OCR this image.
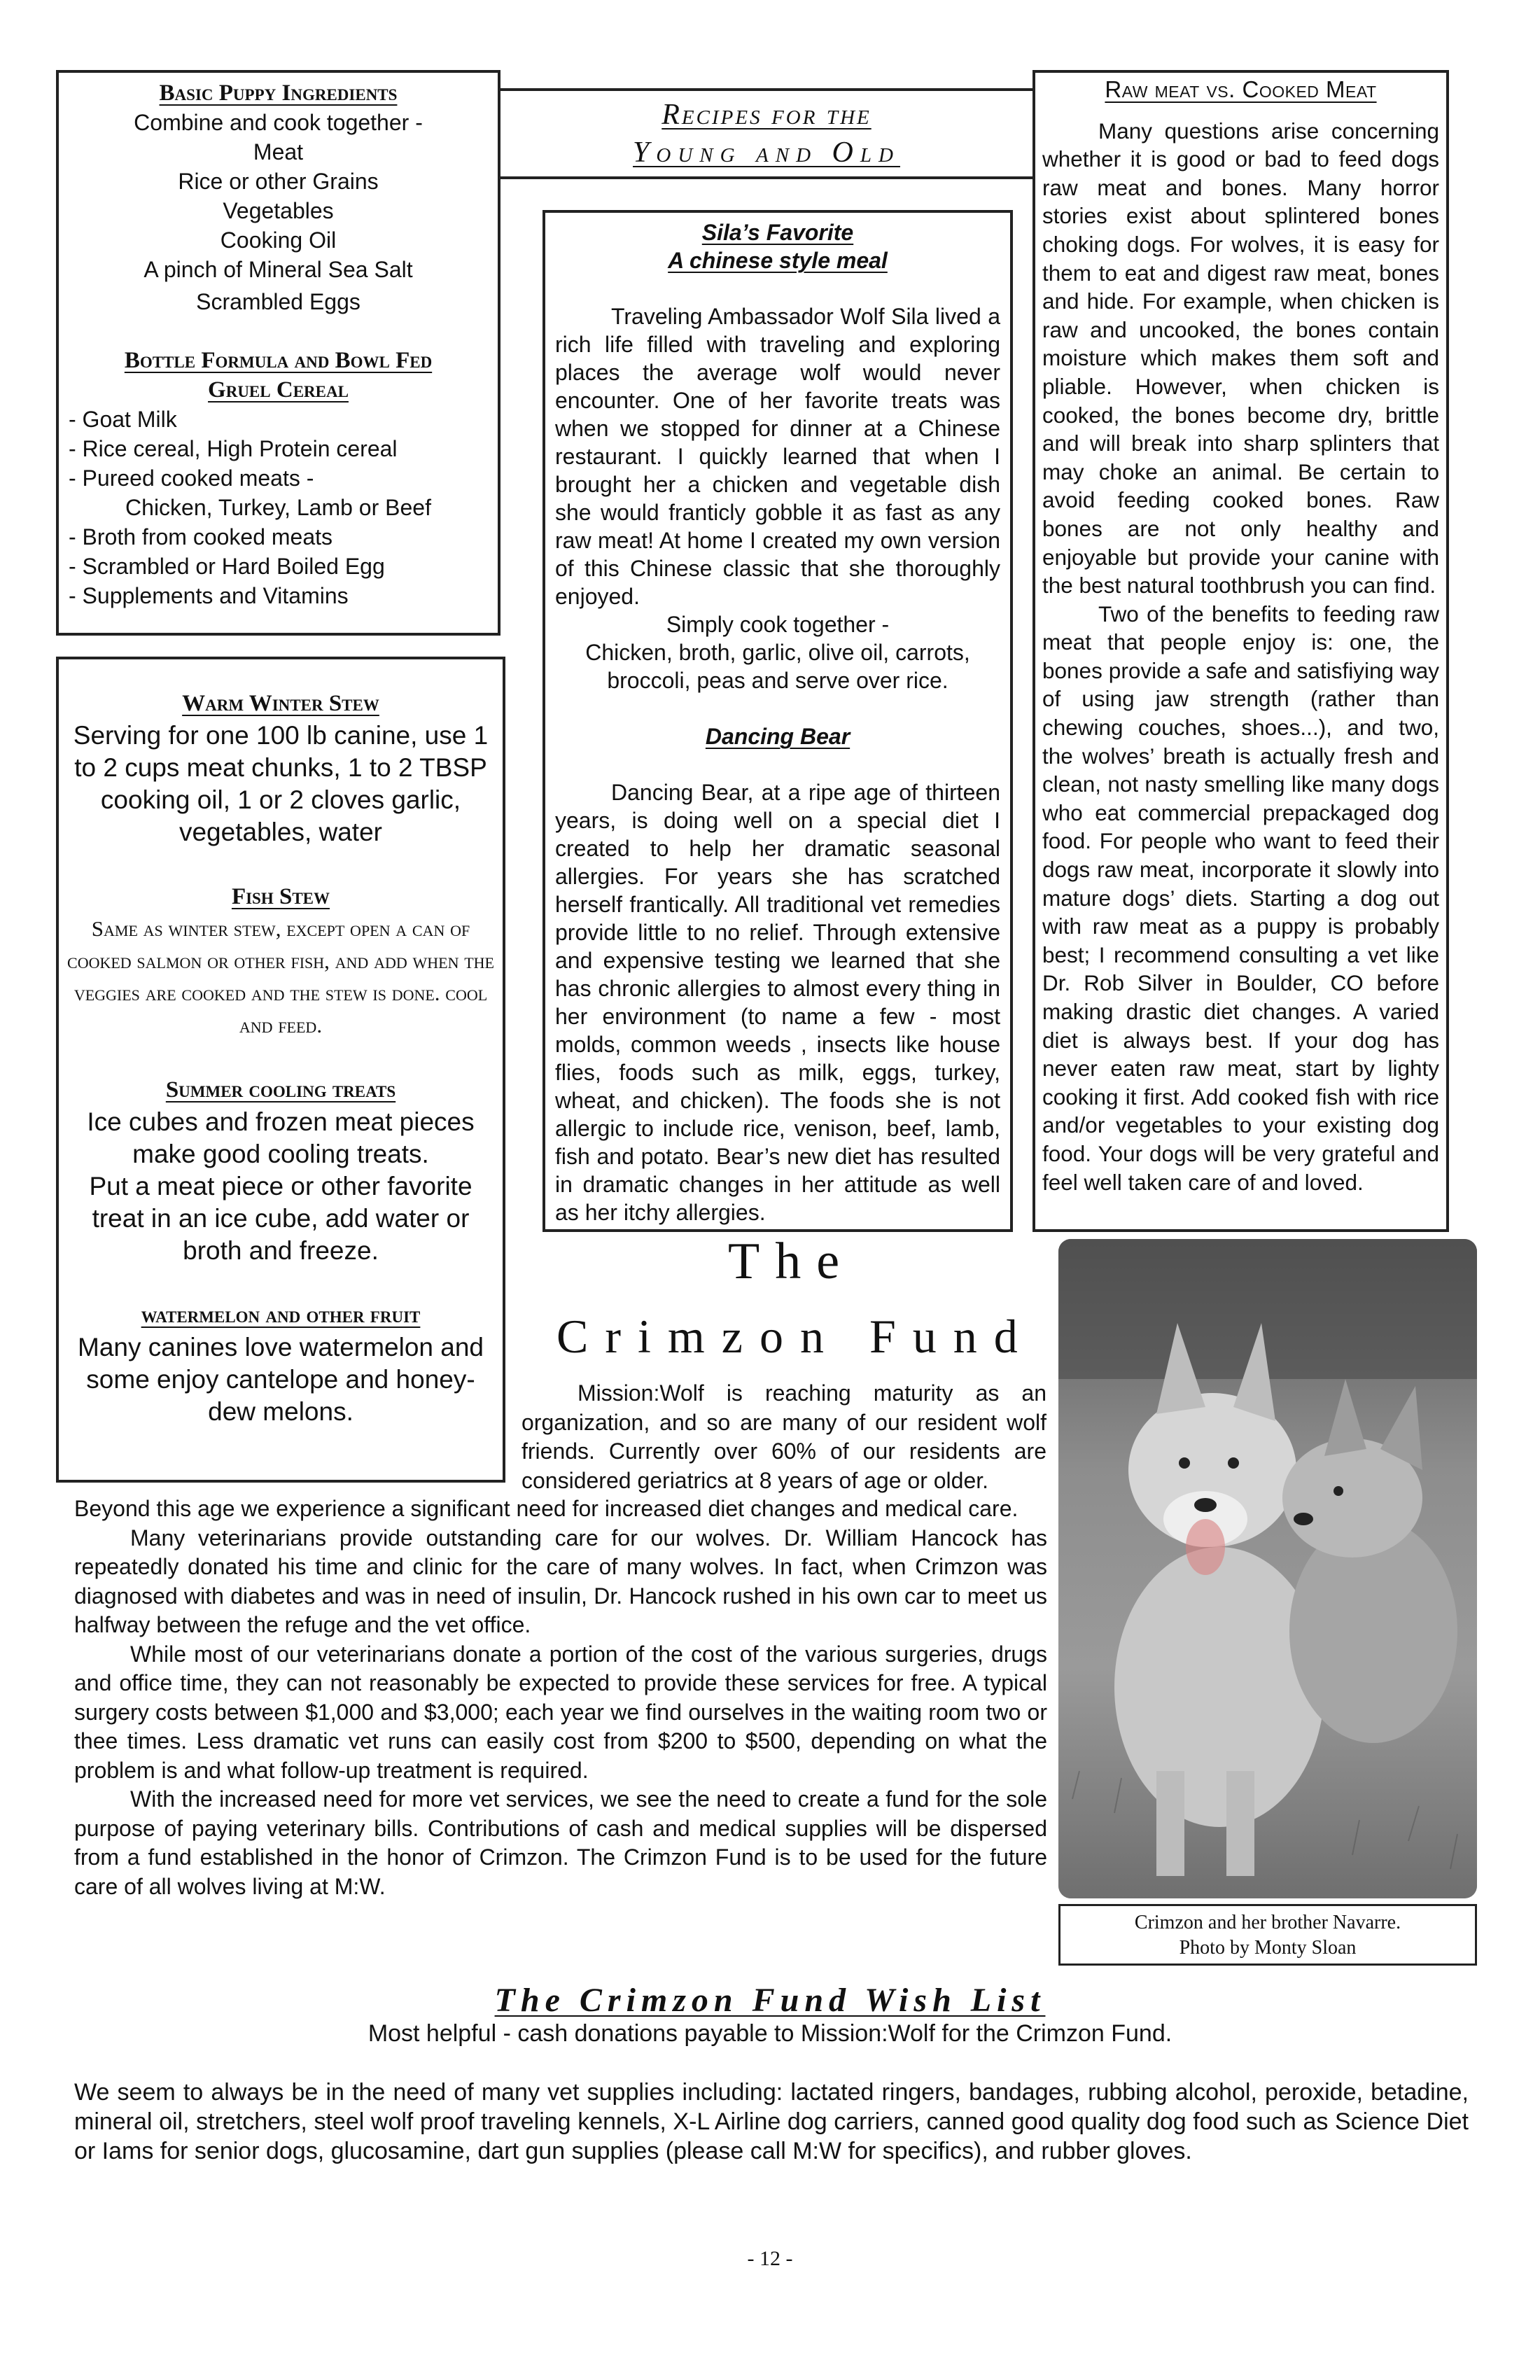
Basic Puppy Ingredients
Combine and cook together -
Meat
Rice or other Grains
Vegetables
Cooking Oil
A pinch of Mineral Sea Salt
Scrambled Eggs
Bottle Formula and Bowl Fed
Gruel Cereal
- Goat Milk
- Rice cereal, High Protein cereal
- Pureed cooked meats -
Chicken, Turkey, Lamb or Beef
- Broth from cooked meats
- Scrambled or Hard Boiled Egg
- Supplements and Vitamins
Recipes for the
Young and Old
Sila’s Favorite
A chinese style meal

Traveling Ambassador Wolf Sila lived a rich life filled with traveling and exploring places the average wolf would never encounter. One of her favorite treats was when we stopped for dinner at a Chinese restaurant. I quickly learned that when I brought her a chicken and vegetable dish she would franticly gobble it as fast as any raw meat! At home I created my own version of this Chinese classic that she thoroughly enjoyed.

Simply cook together -
Chicken, broth, garlic, olive oil, carrots, broccoli, peas and serve over rice.
Dancing Bear

Dancing Bear, at a ripe age of thirteen years, is doing well on a special diet I created to help her dramatic seasonal allergies. For years she has scratched herself frantically. All traditional vet remedies provide little to no relief. Through extensive and expensive testing we learned that she has chronic allergies to almost every thing in her environment (to name a few - most molds, common weeds , insects like house flies, foods such as milk, eggs, turkey, wheat, and chicken). The foods she is not allergic to include rice, venison, beef, lamb, fish and potato. Bear’s new diet has resulted in dramatic changes in her attitude as well as her itchy allergies.

Raw meat vs. Cooked Meat

Many questions arise concerning whether it is good or bad to feed dogs raw meat and bones. Many horror stories exist about splintered bones choking dogs. For wolves, it is easy for them to eat and digest raw meat, bones and hide. For example, when chicken is raw and uncooked, the bones contain moisture which makes them soft and pliable. However, when chicken is cooked, the bones become dry, brittle and will break into sharp splinters that may choke an animal. Be certain to avoid feeding cooked bones. Raw bones are not only healthy and enjoyable but provide your canine with the best natural toothbrush you can find.

Two of the benefits to feeding raw meat that people enjoy is: one, the bones provide a safe and satisfiying way of using jaw strength (rather than chewing couches, shoes...), and two, the wolves’ breath is actually fresh and clean, not nasty smelling like many dogs who eat commercial prepackaged dog food. For people who want to feed their dogs raw meat, incorporate it slowly into mature dogs’ diets. Starting a dog out with raw meat as a puppy is probably best; I recommend consulting a vet like Dr. Rob Silver in Boulder, CO before making drastic diet changes. A varied diet is always best. If your dog has never eaten raw meat, start by lighty cooking it first. Add cooked fish with rice and/or vegetables to your existing dog food. Your dogs will be very grateful and feel well taken care of and loved.

Warm Winter Stew
Serving for one 100 lb canine, use 1 to 2 cups meat chunks, 1 to 2 TBSP cooking oil, 1 or 2 cloves garlic, vegetables, water
Fish Stew
Same as winter stew, except open a can of cooked salmon or other fish, and add when the veggies are cooked and the stew is done. cool and feed.
Summer cooling treats
Ice cubes and frozen meat pieces make good cooling treats.
Put a meat piece or other favorite treat in an ice cube, add water or broth and freeze.
watermelon and other fruit
Many canines love watermelon and some enjoy cantelope and honey-dew melons.
The
Crimzon Fund
Crimzon and her brother Navarre.
Photo by Monty Sloan

Mission:Wolf is reaching maturity as an organization, and so are many of our resident wolf friends. Currently over 60% of our residents are considered geriatrics at 8 years of age or older.

Beyond this age we experience a significant need for increased diet changes and medical care.

Many veterinarians provide outstanding care for our wolves. Dr. William Hancock has repeatedly donated his time and clinic for the care of many wolves. In fact, when Crimzon was diagnosed with diabetes and was in need of insulin, Dr. Hancock rushed in his own car to meet us halfway between the refuge and the vet office.

While most of our veterinarians donate a portion of the cost of the various surgeries, drugs and office time, they can not reasonably be expected to provide these services for free. A typical surgery costs between $1,000 and $3,000; each year we find ourselves in the waiting room two or thee times. Less dramatic vet runs can easily cost from $200 to $500, depending on what the problem is and what follow-up treatment is required.

With the increased need for more vet services, we see the need to create a fund for the sole purpose of paying veterinary bills. Contributions of cash and medical supplies will be dispersed from a fund established in the honor of Crimzon. The Crimzon Fund is to be used for the future care of all wolves living at M:W.

The Crimzon Fund Wish List
Most helpful - cash donations payable to Mission:Wolf for the Crimzon Fund.
We seem to always be in the need of many vet supplies including: lactated ringers, bandages, rubbing alcohol, peroxide, betadine, mineral oil, stretchers, steel wolf proof traveling kennels, X-L Airline dog carriers, canned good quality dog food such as Science Diet or Iams for senior dogs, glucosamine, dart gun supplies (please call M:W for specifics), and rubber gloves.
- 12 -
